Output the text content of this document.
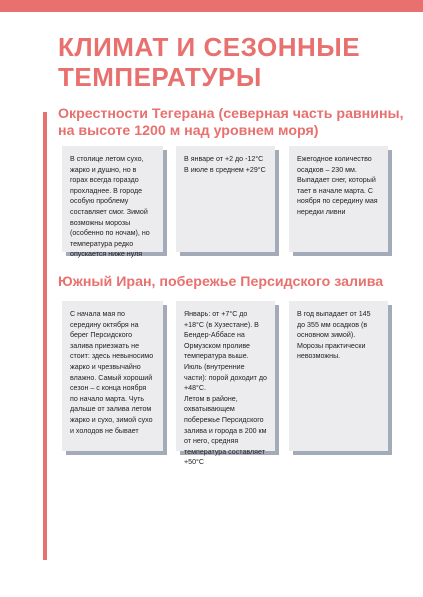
КЛИМАТ И СЕЗОННЫЕ ТЕМПЕРАТУРЫ
Окрестности Тегерана (северная часть равнины, на высоте 1200 м над уровнем моря)
В столице летом сухо, жарко и душно, но в горах всегда гораздо прохладнее. В городе особую проблему составляет смог. Зимой возможны морозы (особенно по ночам), но температура редко опускается ниже нуля
В январе от +2 до -12°C
В июле в среднем +29°C
Ежегодное количество осадков – 230 мм. Выпадает снег, который тает в начале марта. С ноября по середину мая нередки ливни
Южный Иран, побережье Персидского залива
С начала мая по середину октября на берег Персидского залива приезжать не стоит: здесь невыносимо жарко и чрезвычайно влажно. Самый хороший сезон – с конца ноября по начало марта. Чуть дальше от залива летом жарко и сухо, зимой сухо и холодов не бывает
Январь: от +7°С до +18°С (в Хузестане). В Бендер-Аббасе на Ормузском проливе температура выше. Июль (внутренние части): порой доходит до +48°С.
Летом в районе, охватывающем побережье Персидского залива и города в 200 км от него, средняя температура составляет +50°С
В год выпадает от 145 до 355 мм осадков (в основном зимой). Морозы практически невозможны.
